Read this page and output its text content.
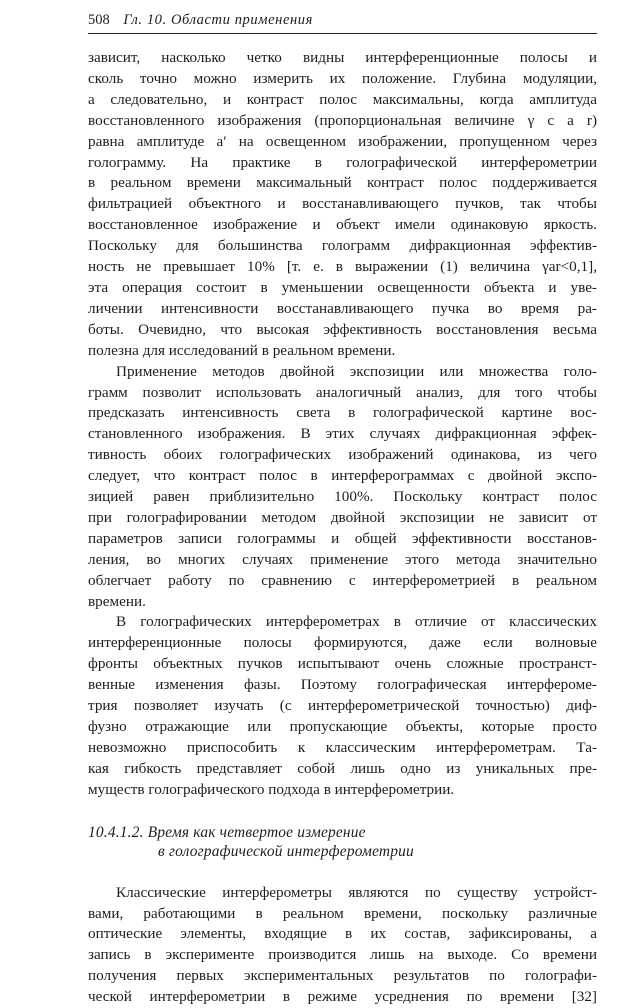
508 Гл. 10. Области применения

зависит, насколько четко видны интерференционные полосы и
сколь точно можно измерить их положение. Глубина модуляции,
а следовательно, и контраст полос максимальны, когда амплитуда
восстановленного изображения (пропорциональная величине γ с а r)
равна амплитуде а′ на освещенном изображении, пропущенном через
голограмму. На практике в голографической интерферометрии
в реальном времени максимальный контраст полос поддерживается
фильтрацией объектного и восстанавливающего пучков, так чтобы
восстановленное изображение и объект имели одинаковую яркость.
Поскольку для большинства голограмм дифракционная эффектив-
ность не превышает 10% [т. е. в выражении (1) величина γar<0,1],
эта операция состоит в уменьшении освещенности объекта и уве-
личении интенсивности восстанавливающего пучка во время ра-
боты. Очевидно, что высокая эффективность восстановления весьма
полезна для исследований в реальном времени.

Применение методов двойной экспозиции или множества голо-
грамм позволит использовать аналогичный анализ, для того чтобы
предсказать интенсивность света в голографической картине вос-
становленного изображения. В этих случаях дифракционная эффек-
тивность обоих голографических изображений одинакова, из чего
следует, что контраст полос в интерферограммах с двойной экспо-
зицией равен приблизительно 100%. Поскольку контраст полос
при голографировании методом двойной экспозиции не зависит от
параметров записи голограммы и общей эффективности восстанов-
ления, во многих случаях применение этого метода значительно
облегчает работу по сравнению с интерферометрией в реальном
времени.

В голографических интерферометрах в отличие от классических
интерференционные полосы формируются, даже если волновые
фронты объектных пучков испытывают очень сложные пространст-
венные изменения фазы. Поэтому голографическая интерфероме-
трия позволяет изучать (с интерферометрической точностью) диф-
фузно отражающие или пропускающие объекты, которые просто
невозможно приспособить к классическим интерферометрам. Та-
кая гибкость представляет собой лишь одно из уникальных пре-
муществ голографического подхода в интерферометрии.

10.4.1.2. Время как четвертое измерение
в голографической интерферометрии

Классические интерферометры являются по существу устройст-
вами, работающими в реальном времени, поскольку различные
оптические элементы, входящие в их состав, зафиксированы, а
запись в эксперименте производится лишь на выходе. Со времени
получения первых экспериментальных результатов по голографи-
ческой интерферометрии в режиме усреднения по времени [32]
